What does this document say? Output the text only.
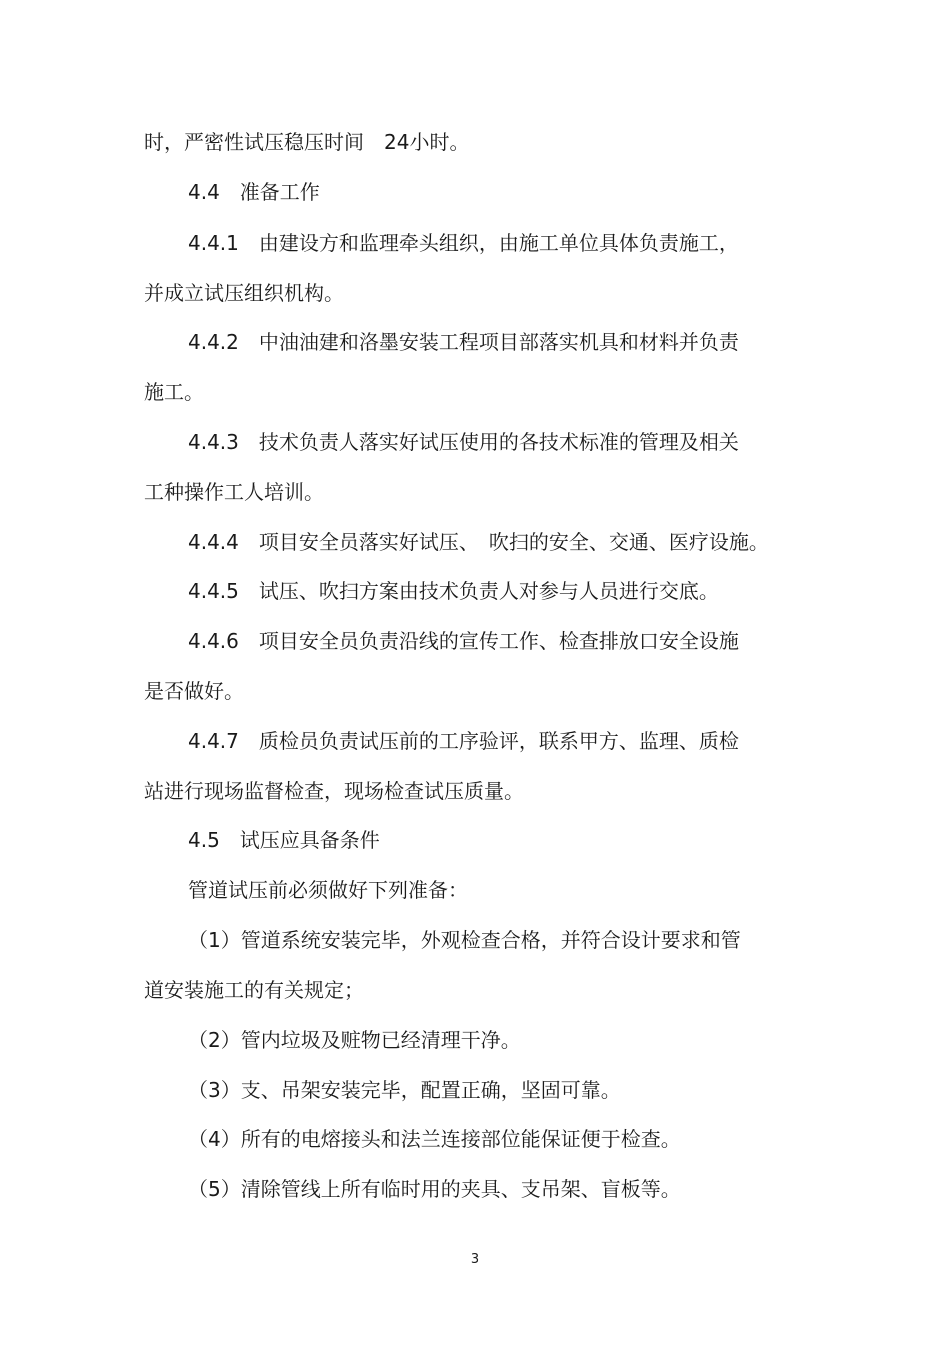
时，严密性试压稳压时间　24小时。
4.4　准备工作
4.4.1　由建设方和监理牵头组织，由施工单位具体负责施工，
并成立试压组织机构。
4.4.2　中油油建和洛墨安装工程项目部落实机具和材料并负责
施工。
4.4.3　技术负责人落实好试压使用的各技术标准的管理及相关
工种操作工人培训。
4.4.4　项目安全员落实好试压、　吹扫的安全、交通、医疗设施。
4.4.5　试压、吹扫方案由技术负责人对参与人员进行交底。
4.4.6　项目安全员负责沿线的宣传工作、检查排放口安全设施
是否做好。
4.4.7　质检员负责试压前的工序验评，联系甲方、监理、质检
站进行现场监督检查，现场检查试压质量。
4.5　试压应具备条件
管道试压前必须做好下列准备：
（1）管道系统安装完毕，外观检查合格，并符合设计要求和管
道安装施工的有关规定；
（2）管内垃圾及赃物已经清理干净。
（3）支、吊架安装完毕，配置正确，坚固可靠。
（4）所有的电熔接头和法兰连接部位能保证便于检查。
（5）清除管线上所有临时用的夹具、支吊架、盲板等。
3
